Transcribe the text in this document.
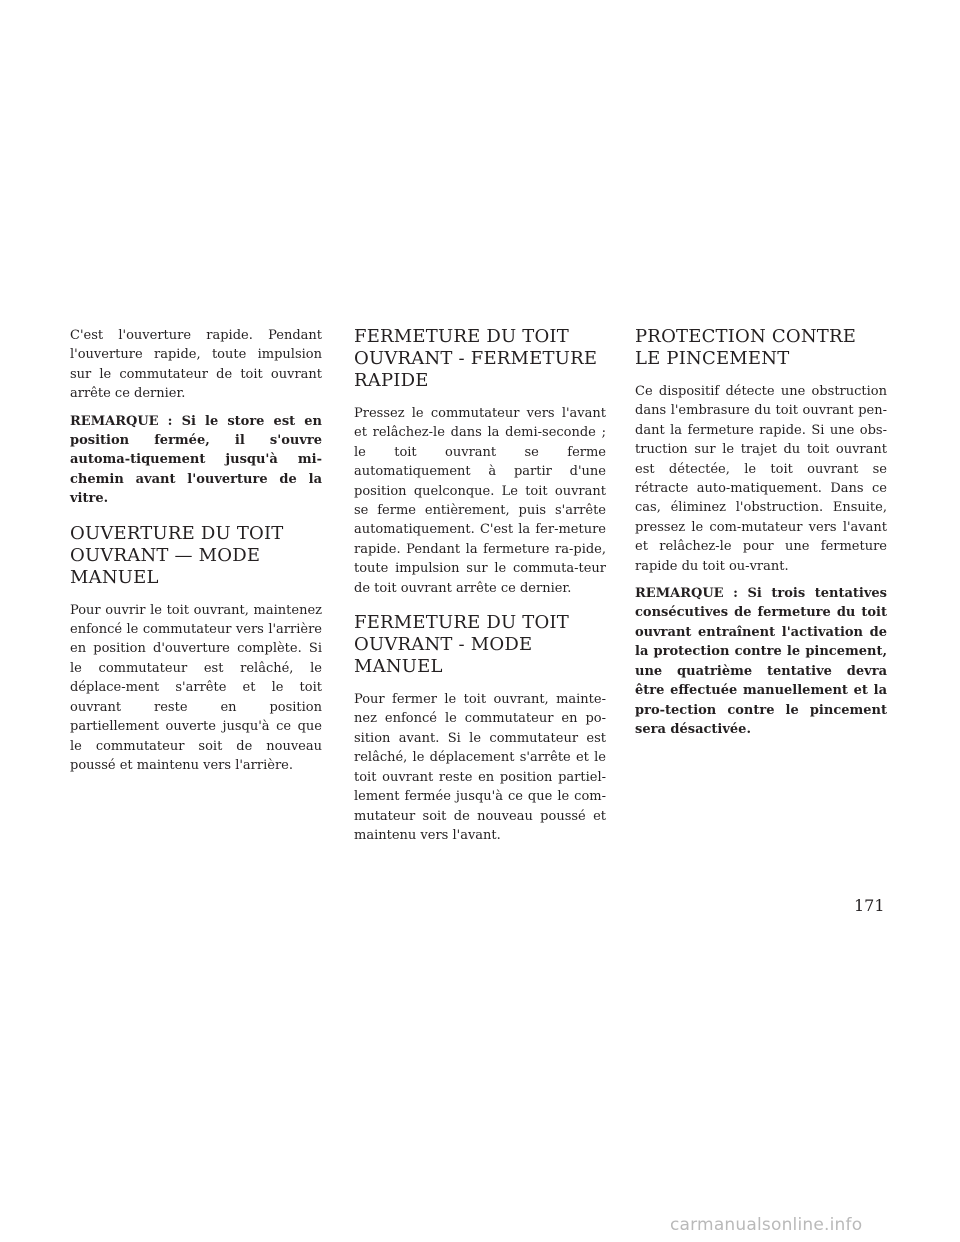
C'est l'ouverture rapide. Pendant l'ouverture rapide, toute impulsion sur le commutateur de toit ouvrant arrête ce dernier.

REMARQUE : Si le store est en position fermée, il s'ouvre automa-tiquement jusqu'à mi-chemin avant l'ouverture de la vitre.

OUVERTURE DU TOIT OUVRANT — MODE MANUEL

Pour ouvrir le toit ouvrant, maintenez enfoncé le commutateur vers l'arrière en position d'ouverture complète. Si le commutateur est relâché, le déplace-ment s'arrête et le toit ouvrant reste en position partiellement ouverte jusqu'à ce que le commutateur soit de nouveau poussé et maintenu vers l'arrière.

FERMETURE DU TOIT OUVRANT - FERMETURE RAPIDE

Pressez le commutateur vers l'avant et relâchez-le dans la demi-seconde ; le toit ouvrant se ferme automatiquement à partir d'une position quelconque. Le toit ouvrant se ferme entièrement, puis s'arrête automatiquement. C'est la fer-meture rapide. Pendant la fermeture ra-pide, toute impulsion sur le commuta-teur de toit ouvrant arrête ce dernier.

FERMETURE DU TOIT OUVRANT - MODE MANUEL

Pour fermer le toit ouvrant, mainte-nez enfoncé le commutateur en po-sition avant. Si le commutateur est relâché, le déplacement s'arrête et le toit ouvrant reste en position partiel-lement fermée jusqu'à ce que le com-mutateur soit de nouveau poussé et maintenu vers l'avant.

PROTECTION CONTRE LE PINCEMENT

Ce dispositif détecte une obstruction dans l'embrasure du toit ouvrant pen-dant la fermeture rapide. Si une obs-truction sur le trajet du toit ouvrant est détectée, le toit ouvrant se rétracte auto-matiquement. Dans ce cas, éliminez l'obstruction. Ensuite, pressez le com-mutateur vers l'avant et relâchez-le pour une fermeture rapide du toit ou-vrant.

REMARQUE : Si trois tentatives consécutives de fermeture du toit ouvrant entraînent l'activation de la protection contre le pincement, une quatrième tentative devra être effectuée manuellement et la pro-tection contre le pincement sera désactivée.

171
carmanualsonline.info
